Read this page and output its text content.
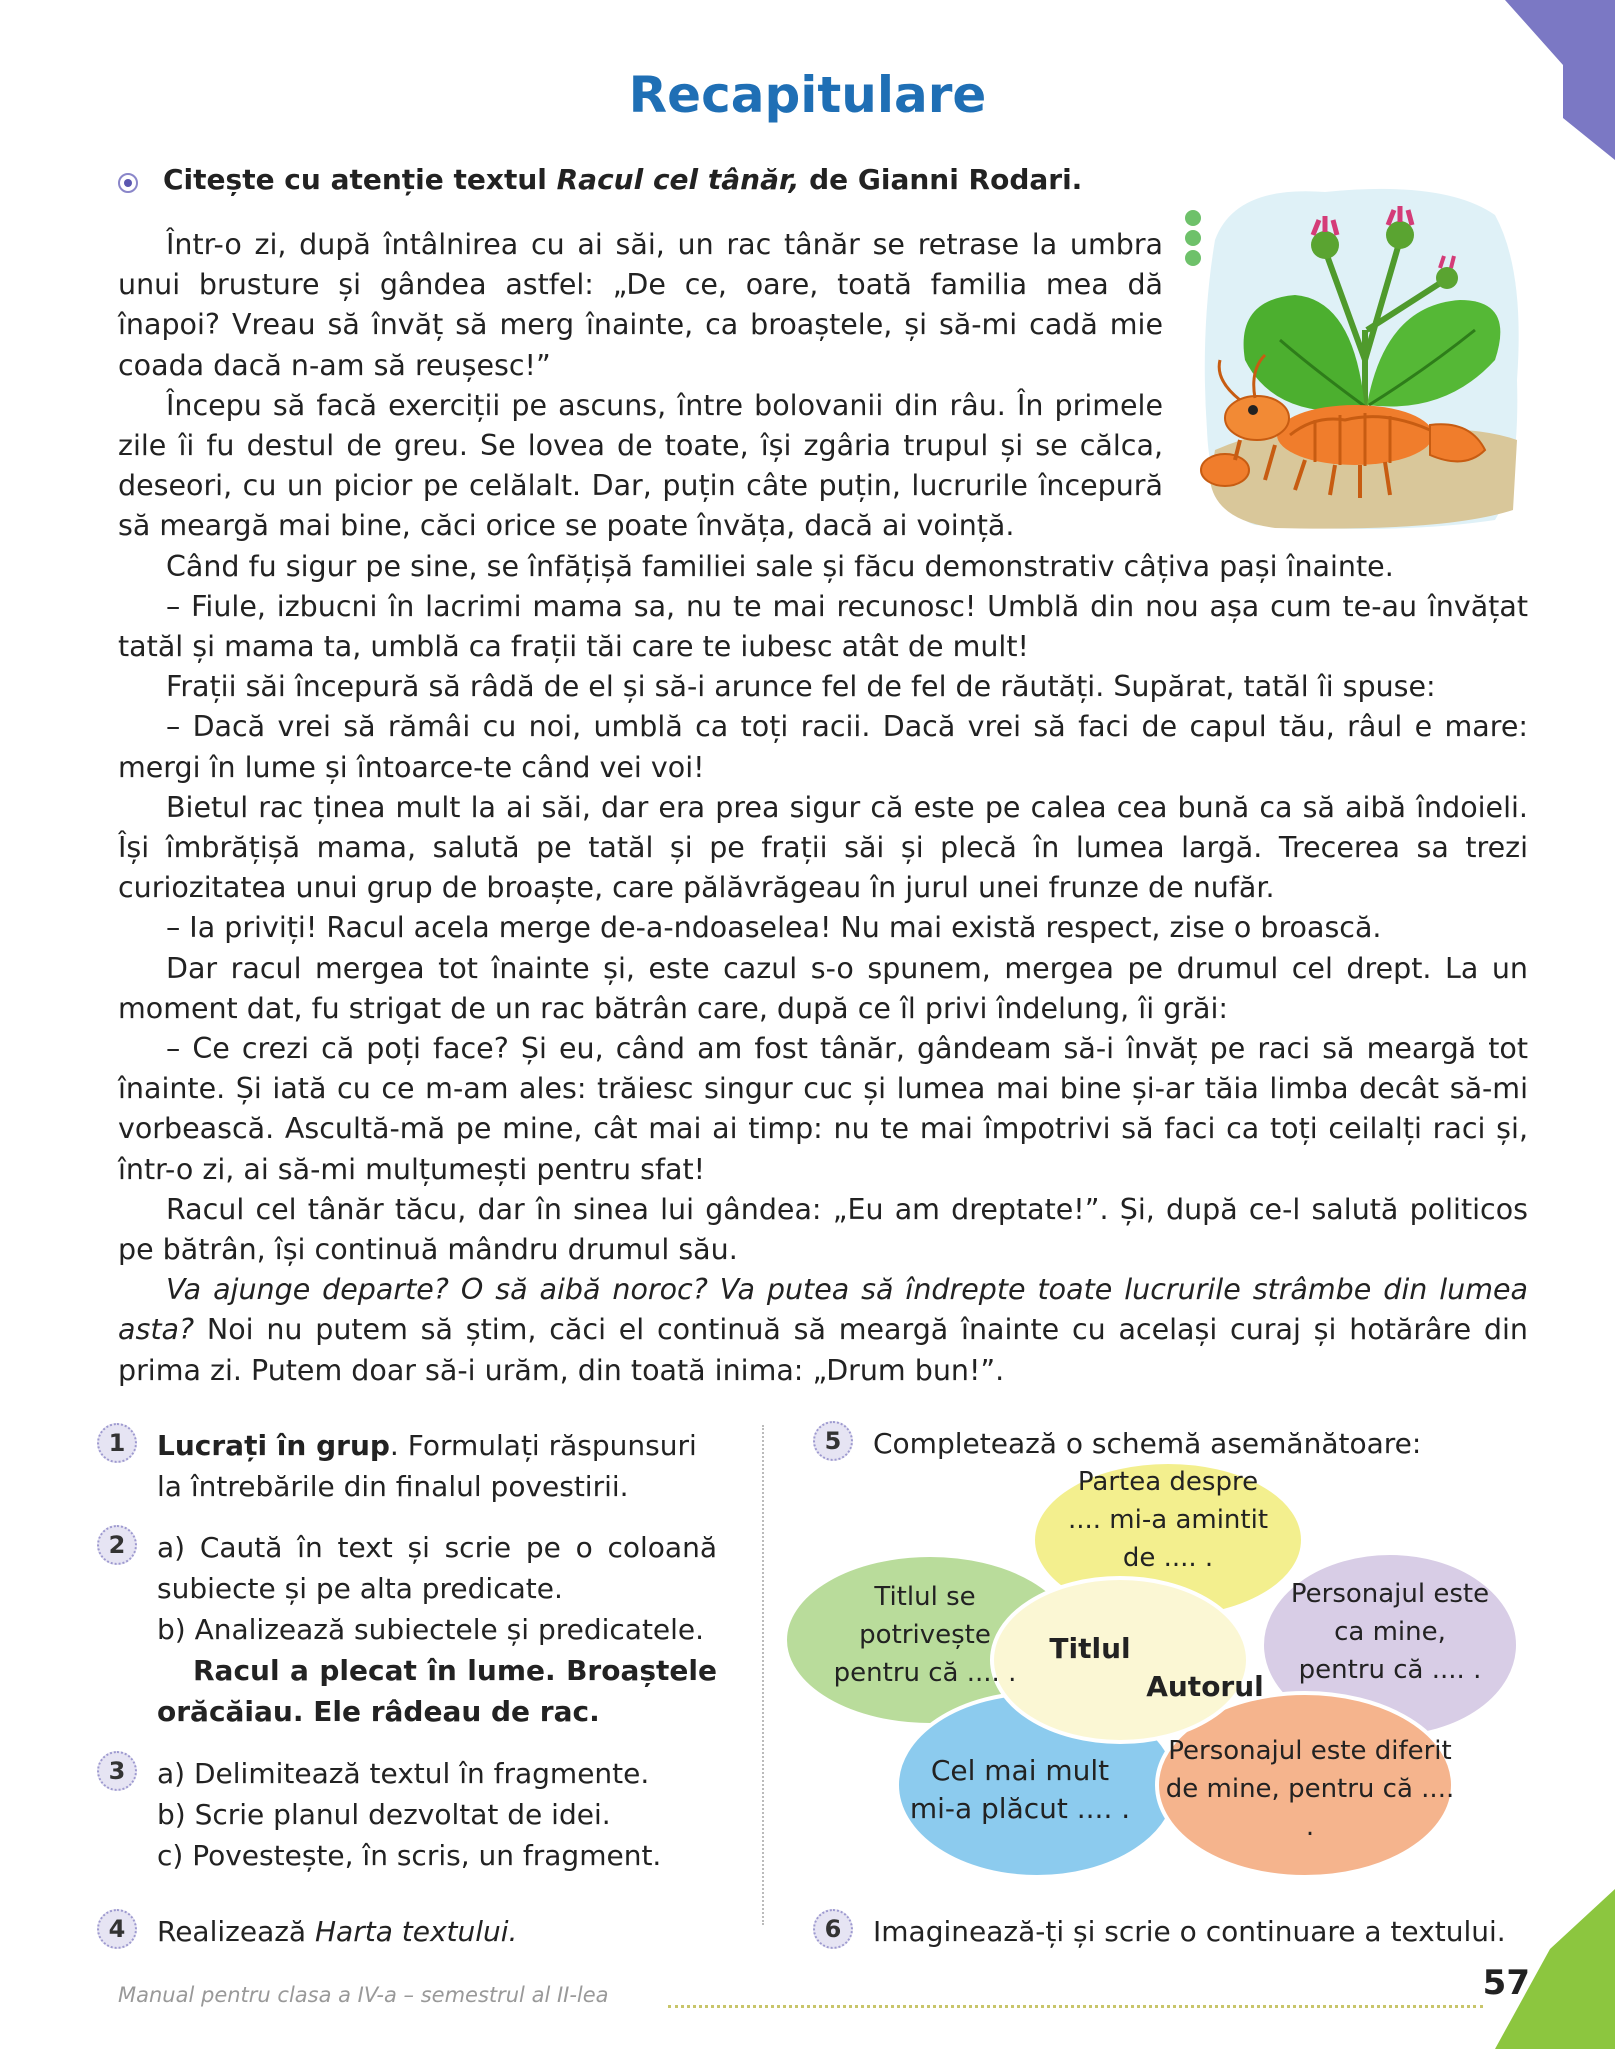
Recapitulare
Citește cu atenție textul Racul cel tânăr, de Gianni Rodari.

Într-o zi, după întâlnirea cu ai săi, un rac tânăr se retrase la umbra unui brusture și gândea astfel: „De ce, oare, toată familia mea dă înapoi? Vreau să învăț să merg înainte, ca broaștele, și să-mi cadă mie coada dacă n-am să reușesc!”

Începu să facă exerciții pe ascuns, între bolovanii din râu. În primele zile îi fu destul de greu. Se lovea de toate, își zgâria trupul și se călca, deseori, cu un picior pe celălalt. Dar, puțin câte puțin, lucrurile începură să meargă mai bine, căci orice se poate învăța, dacă ai voință.

Când fu sigur pe sine, se înfățișă familiei sale și făcu demonstrativ câțiva pași înainte.

– Fiule, izbucni în lacrimi mama sa, nu te mai recunosc! Umblă din nou așa cum te-au învățat tatăl și mama ta, umblă ca frații tăi care te iubesc atât de mult!

Frații săi începură să râdă de el și să-i arunce fel de fel de răutăți. Supărat, tatăl îi spuse:

– Dacă vrei să rămâi cu noi, umblă ca toți racii. Dacă vrei să faci de capul tău, râul e mare: mergi în lume și întoarce-te când vei voi!

Bietul rac ținea mult la ai săi, dar era prea sigur că este pe calea cea bună ca să aibă îndoieli. Își îmbrățișă mama, salută pe tatăl și pe frații săi și plecă în lumea largă. Trecerea sa trezi curiozitatea unui grup de broaște, care pălăvrăgeau în jurul unei frunze de nufăr.

– Ia priviți! Racul acela merge de-a-ndoaselea! Nu mai există respect, zise o broască.

Dar racul mergea tot înainte și, este cazul s-o spunem, mergea pe drumul cel drept. La un moment dat, fu strigat de un rac bătrân care, după ce îl privi îndelung, îi grăi:

– Ce crezi că poți face? Și eu, când am fost tânăr, gândeam să-i învăț pe raci să meargă tot înainte. Și iată cu ce m-am ales: trăiesc singur cuc și lumea mai bine și-ar tăia limba decât să-mi vorbească. Ascultă-mă pe mine, cât mai ai timp: nu te mai împotrivi să faci ca toți ceilalți raci și, într-o zi, ai să-mi mulțumești pentru sfat!

Racul cel tânăr tăcu, dar în sinea lui gândea: „Eu am dreptate!”. Și, după ce-l salută politicos pe bătrân, își continuă mândru drumul său.

Va ajunge departe? O să aibă noroc? Va putea să îndrepte toate lucrurile strâmbe din lumea asta? Noi nu putem să știm, căci el continuă să meargă înainte cu același curaj și hotărâre din prima zi. Putem doar să-i urăm, din toată inima: „Drum bun!”.

1	Lucrați în grup. Formulați răspunsuri la întrebările din finalul povestirii.
2	a) Caută în text și scrie pe o coloană subiecte și pe alta predicate.
b) Analizează subiectele și predicatele.
Racul a plecat în lume. Broaștele orăcăiau. Ele râdeau de rac.
3	a) Delimitează textul în fragmente.
b) Scrie planul dezvoltat de idei.
c) Povestește, în scris, un fragment.
4	Realizează Harta textului.
5	Completează o schemă asemănătoare:
Partea despre .... mi-a amintit de .... .
Titlul se potrivește pentru că .... .
Personajul este ca mine, pentru că .... .
Cel mai mult mi-a plăcut .... .
Personajul este diferit de mine, pentru că .... .
Titlul
Autorul
6	Imaginează-ți și scrie o continuare a textului.
Manual pentru clasa a IV-a – semestrul al II-lea	57
